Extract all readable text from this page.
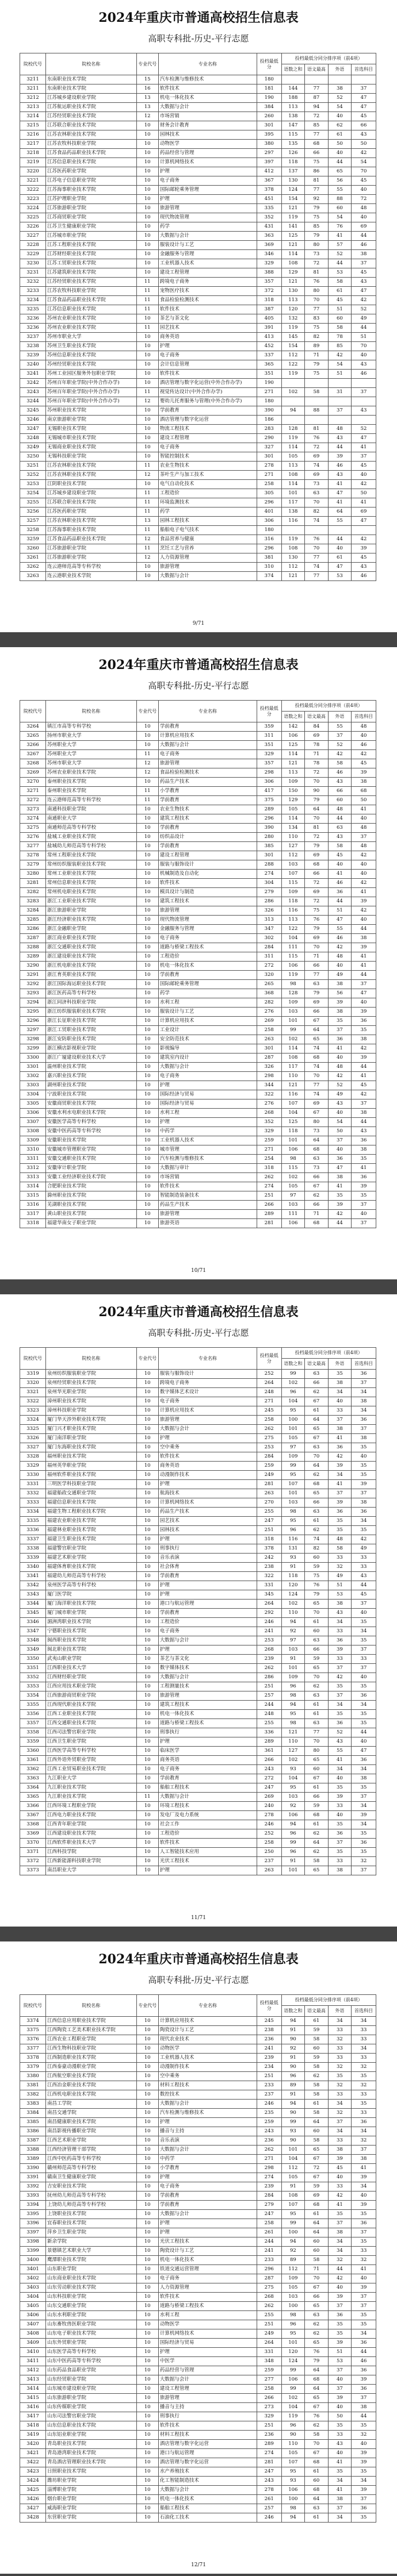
2024年重庆市普通高校招生信息表
高职专科批-历史-平行志愿
院校代号	院校名称	专业代号	专业名称	投档最低分	投档最低分同分排序项（前4项）			
					语数之和	语文最高	外语	首选科目
3211	东南职业技术学院	15	汽车检测与维修技术	180				
3211	东南职业技术学院	16	软件技术	181	144	77	38	37
3212	江苏城乡建设职业学院	13	机电一体化技术	190	188	87	52	47
3213	江苏航运职业技术学院	13	大数据与会计	384	113	94	54	47
3214	江苏经贸职业技术学院	12	市场营销	260	138	72	40	45
3215	江苏联合职业技术学院	10	财务会计教育	301	147	85	62	66
3216	江苏农林职业技术学院	10	园林技术	395	115	77	61	43
3217	江苏农牧科技职业学院	10	动物医学	380	135	68	50	50
3218	江苏食品药品职业技术学院	10	药品经营与管理	297	126	66	40	42
3219	江苏信息职业技术学院	10	计算机网络技术	397	118	75	44	54
3220	江苏医药职业学院	10	护理	412	137	86	65	70
3221	江苏电子信息职业学院	10	电子商务	367	130	81	56	45
3222	江苏海事职业技术学院	10	国际邮轮乘务管理	378	124	77	55	40
3223	江苏护理职业学院	10	护理	451	154	92	88	72
3224	江苏旅游职业学院	10	旅游管理	335	121	79	60	48
3225	江苏商贸职业学院	10	现代物流管理	352	119	75	54	40
3226	江苏卫生健康职业学院	10	药学	431	141	85	76	69
3227	江苏城市职业学院	10	大数据与会计	363	125	79	41	44
3228	江苏工程职业技术学院	10	服装设计与工艺	369	121	80	57	46
3229	江苏财经职业技术学院	10	金融服务与管理	346	114	73	52	38
3230	江苏工贸职业技术学院	10	工业机器人技术	329	108	72	44	37
3231	江苏建筑职业技术学院	10	建设工程管理	388	129	81	53	45
3232	江苏经贸职业技术学院	11	跨境电子商务	357	121	76	58	43
3233	江苏农牧科技职业学院	11	宠物医疗技术	372	130	80	61	47
3234	江苏食品药品职业技术学院	11	食品检验检测技术	318	113	70	45	42
3235	江苏信息职业技术学院	11	软件技术	387	120	77	51	52
3236	苏州农业职业技术学院	10	茶艺与茶文化	405	132	83	60	49
3236	苏州农业职业技术学院	11	园艺技术	391	119	75	58	44
3237	苏州市职业大学	10	商务英语	413	145	82	78	51
3238	苏州卫生职业技术学院	10	护理	452	154	89	85	70
3239	苏州信息职业技术学院	10	电子商务	337	112	71	42	40
3240	苏州经贸职业技术学院	10	会计信息管理	365	122	79	54	43
3241	苏州工业园区服务外包职业学院	10	软件技术	351	119	75	51	46
3242	苏州百年职业学院(中外合作办学)	10	酒店管理与数字化运营(中外合作办学)	190				
3243	苏州百年职业学院(中外合作办学)	11	视觉传达设计(中外合作办学)	271	102	58	31	37
3244	苏州百年职业学院(中外合作办学)	12	婴幼儿托育服务与管理(中外合作办学)	180				
3245	苏州职业技术学院	10	学前教育	390	94	88	37	43
3246	南京旅游职业学院	10	酒店管理与数字化运营	186				
3247	无锡职业技术学院	10	物流工程技术	283	128	81	48	52
3248	无锡城市职业技术学院	10	建设工程管理	290	119	76	43	47
3249	无锡商业职业技术学院	10	电子商务	327	114	72	44	41
3250	无锡科技职业学院	10	智能控制技术	301	105	69	39	37
3251	江苏农林职业技术学院	11	农业生物技术	278	113	74	46	45
3252	江苏农林职业技术学院	12	茶叶生产与加工技术	271	108	69	43	40
3253	江阴职业技术学院	10	电气自动化技术	258	114	73	41	42
3254	江苏城乡建设职业学院	11	工程造价	305	101	63	47	50
3255	江苏联合职业技术学院	11	环境监测技术	296	117	70	41	41
3256	江苏医药职业学院	11	药学	401	138	82	64	69
3257	江苏农林职业技术学院	13	园林工程技术	306	116	74	55	47
3258	江苏海事职业技术学院	11	船舶电子电气技术	180				
3259	江苏食品药品职业技术学院	12	食品营养与健康	316	119	76	44	42
3260	江苏旅游职业学院	11	烹饪工艺与营养	296	108	70	40	39
3261	江苏旅游职业学院	12	人力资源管理	381	130	77	61	45
3262	连云港师范高等专科学校	10	旅游管理	310	112	74	47	43
3263	连云港职业技术学院	10	大数据与会计	374	121	77	53	46
9/71
2024年重庆市普通高校招生信息表
高职专科批-历史-平行志愿
院校代号	院校名称	专业代号	专业名称	投档最低分	投档最低分同分排序项（前4项）			
					语数之和	语文最高	外语	首选科目
3264	镇江市高等专科学校	10	学前教育	359	142	84	55	48
3265	扬州市职业大学	10	计算机应用技术	311	106	69	37	40
3266	苏州职业大学	10	大数据与会计	351	125	78	52	46
3267	苏州职业大学	11	电子商务	329	114	71	42	42
3268	苏州市职业大学	12	旅游管理	357	121	78	58	45
3269	苏州农业职业技术学院	12	食品检验检测技术	298	113	72	46	39
3270	泰州职业技术学院	10	药品生产技术	306	109	70	43	38
3271	泰州职业技术学院	11	小学教育	417	150	90	66	68
3272	连云港师范高等专科学校	11	学前教育	375	129	79	60	50
3273	南通科技职业学院	10	农业生物技术	289	105	64	48	41
3274	南通职业大学	10	建筑工程技术	296	114	70	44	40
3275	南通师范高等专科学校	10	学前教育	390	134	81	63	48
3276	盐城工业职业技术学院	10	纺织品设计	280	110	72	43	37
3277	盐城幼儿师范高等专科学校	10	学前教育	385	127	79	58	48
3278	常州工程职业技术学院	10	建设工程管理	301	112	69	45	42
3279	常州纺织服装职业技术学院	10	服装与服饰设计	288	103	68	40	40
3280	常州工业职业技术学院	10	机械制造及自动化	274	107	66	41	40
3281	常州信息职业技术学院	10	软件技术	304	115	72	46	42
3282	常州机电职业技术学院	10	模具设计与制造	279	109	69	36	41
3283	浙江工业职业技术学院	10	建筑工程技术	286	118	72	44	39
3284	浙江旅游职业学院	10	旅游管理	326	116	75	51	42
3285	浙江经济职业技术学院	10	现代物流管理	313	113	76	47	40
3286	浙江金融职业学院	10	金融服务与管理	347	122	79	55	44
3287	浙江商业职业技术学院	10	电子商务	302	104	69	46	38
3288	浙江交通职业技术学院	10	道路与桥梁工程技术	284	111	70	42	39
3289	浙江建设职业技术学院	10	工程造价	311	115	71	48	41
3290	浙江机电职业技术学院	10	机电一体化技术	272	106	66	40	41
3291	浙江育英职业技术学院	10	学前教育	320	119	77	49	44
3292	浙江国际海运职业技术学院	10	国际邮轮乘务管理	265	98	63	38	37
3293	浙江医药高等专科学校	10	药学	368	128	79	56	47
3294	浙江同济科技职业学院	10	水利工程	282	109	69	39	40
3295	浙江纺织服装职业技术学院	10	服装设计与工艺	276	103	66	38	39
3296	浙江长征职业技术学院	10	计算机应用技术	269	101	67	35	36
3297	浙江工贸职业技术学院	10	工业设计	258	99	64	37	35
3298	浙江安防职业技术学院	10	安全防范技术	263	102	65	36	38
3299	浙江横店影视职业学院	10	影视编导	301	114	74	41	42
3300	浙江广厦建设职业技术大学	10	建筑室内设计	287	108	68	40	39
3301	温州职业技术学院	10	大数据与会计	326	117	74	48	44
3302	嘉兴职业技术学院	10	电子商务	298	110	70	42	41
3303	湖州职业技术学院	10	护理	344	121	77	52	45
3304	宁波职业技术学院	10	国际经济与贸易	322	116	74	49	42
3305	安徽商贸职业技术学院	10	国际经济与贸易	276	107	69	43	37
3306	安徽水利水电职业技术学院	10	水利工程	268	104	67	40	38
3307	安徽医学高等专科学校	10	护理	352	125	80	54	44
3308	安徽中医药高等专科学校	10	中药学	329	118	73	50	43
3309	安徽职业技术学院	10	工业机器人技术	259	101	64	37	36
3310	安徽城市管理职业学院	10	城市管理	271	106	68	40	38
3311	安徽交通职业技术学院	10	汽车检测与维修技术	254	98	63	36	35
3312	安徽审计职业学院	10	大数据与审计	318	115	73	47	41
3313	安徽工业经济职业技术学院	10	市场营销	262	102	66	38	36
3314	合肥职业技术学院	10	软件技术	274	105	67	41	39
3315	滁州职业技术学院	10	智能制造装备技术	251	97	62	35	35
3316	芜湖职业技术学院	10	药品生产技术	266	103	66	39	37
3317	黄山职业技术学院	10	旅游管理	289	111	71	42	40
3318	福建华南女子职业学院	10	旅游英语	281	106	68	44	37
10/71
2024年重庆市普通高校招生信息表
高职专科批-历史-平行志愿
院校代号	院校名称	专业代号	专业名称	投档最低分	投档最低分同分排序项（前4项）			
					语数之和	语文最高	外语	首选科目
3319	泉州纺织服装职业学院	10	服装与服饰设计	252	99	63	35	36
3320	泉州经贸职业技术学院	10	跨境电子商务	264	102	66	38	37
3321	泉州华光职业学院	10	数字媒体艺术设计	248	96	62	34	34
3322	漳州职业技术学院	10	电子商务	271	104	67	40	38
3323	漳州科技职业学院	10	计算机应用技术	245	95	61	33	34
3324	厦门华天涉外职业技术学院	10	旅游管理	258	100	64	37	36
3325	厦门兴才职业技术学院	10	大数据与会计	262	101	65	38	37
3326	厦门南洋职业学院	10	护理	275	105	67	41	38
3327	厦门东海职业技术学院	10	空中乘务	253	97	63	36	35
3328	福州职业技术学院	10	软件技术	284	109	70	42	40
3329	福州英华职业学院	10	商务英语	259	99	64	39	35
3330	福州软件职业技术学院	10	动漫制作技术	249	95	62	34	35
3331	三明医学科技职业学院	10	护理	281	107	68	41	39
3332	福建船政交通职业学院	10	航海技术	263	101	65	37	37
3333	福建信息职业技术学院	10	计算机网络技术	270	103	66	39	38
3334	福建生物工程职业技术学院	10	药品生产技术	255	98	63	36	36
3335	福建农业职业技术学院	10	园艺技术	247	95	61	35	34
3336	福建林业职业技术学院	10	园林技术	251	96	62	35	35
3337	福建卫生职业技术学院	10	护理	318	116	74	48	42
3338	福建警官职业学院	10	刑事执行	378	131	82	58	49
3339	福建艺术职业学院	10	音乐表演	242	93	60	33	33
3340	福建体育职业技术学院	10	社会体育	238	91	59	32	33
3341	福建幼儿师范高等专科学校	10	学前教育	322	118	75	49	43
3342	泉州医学高等专科学校	10	护理	331	120	76	51	44
3343	厦门医学院	10	护理	345	124	79	53	45
3344	厦门海洋职业技术学院	10	港口与航运管理	264	102	65	38	37
3345	厦门城市职业学院	10	学前教育	292	110	70	43	40
3346	湄洲湾职业技术学院	10	工程造价	246	94	61	34	35
3347	宁德职业技术学院	10	电子商务	241	92	60	33	34
3348	闽西职业技术学院	10	大数据与会计	253	97	63	36	35
3349	闽北职业技术学院	10	护理	268	103	66	39	37
3350	武夷山职业学院	10	茶艺与茶文化	239	91	59	33	33
3351	江西职业技术大学	10	数字媒体技术	262	101	65	37	37
3352	江西财经职业学院	10	大数据与会计	286	109	70	42	40
3353	江西应用技术职业学院	10	工程测量技术	251	96	62	35	35
3354	江西旅游商贸职业学院	10	旅游管理	257	98	63	37	36
3355	江西现代职业技术学院	10	建筑工程技术	244	94	61	34	34
3356	江西工业职业技术学院	10	机电一体化技术	248	95	61	35	35
3357	江西交通职业技术学院	10	道路与桥梁工程技术	255	98	63	36	35
3358	江西司法警官职业学院	10	刑事执行	336	121	77	52	44
3359	江西卫生职业学院	10	护理	289	110	70	43	40
3360	江西医学高等专科学校	10	临床医学	361	127	80	55	47
3361	江西外语外贸职业学院	10	商务英语	266	102	65	41	36
3362	江西工业贸易职业技术学院	10	电子商务	243	93	60	34	34
3363	九江职业大学	10	学前教育	272	104	67	40	38
3364	九江职业技术学院	10	船舶工程技术	247	95	61	35	35
3365	九江职业技术学院	11	大数据与会计	269	103	66	39	37
3366	江西环境工程职业学院	10	环境工程技术	240	92	59	33	34
3367	江西电力职业技术学院	10	发电厂及电力系统	278	106	68	40	39
3368	江西青年职业学院	10	社会工作	246	94	61	35	34
3369	江西建设职业技术学院	10	工程造价	252	96	62	36	35
3370	江西软件职业技术大学	10	软件技术	258	99	64	37	36
3371	江西科技学院	10	人工智能技术应用	250	96	62	35	35
3372	江西新能源科技职业学院	10	光伏工程技术	237	91	58	33	32
3373	南昌职业大学	10	护理	263	101	65	38	37
11/71
2024年重庆市普通高校招生信息表
高职专科批-历史-平行志愿
院校代号	院校名称	专业代号	专业名称	投档最低分	投档最低分同分排序项（前4项）			
					语数之和	语文最高	外语	首选科目
3374	江西信息应用职业技术学院	10	计算机应用技术	245	94	61	34	34
3375	江西陶瓷工艺美术职业技术学院	10	陶瓷设计与工艺	238	91	59	33	33
3376	江西农业工程职业学院	10	现代农业技术	236	90	58	32	33
3377	江西生物科技职业学院	10	动物医学	241	92	60	33	34
3378	江西制造职业技术学院	10	工业机器人技术	239	91	59	33	33
3379	江西泰豪动漫职业学院	10	动漫制作技术	234	90	58	32	32
3380	江西航空职业技术学院	10	空中乘务	251	96	62	35	35
3381	江西冶金职业技术学院	10	材料工程技术	233	89	58	32	32
3382	江西机电职业技术学院	10	数控技术	237	91	58	33	33
3383	南昌工学院	10	大数据与会计	246	94	61	34	35
3384	南昌交通学院	10	汽车检测与维修技术	235	90	58	32	33
3385	南昌健康职业技术学院	10	护理	259	99	64	37	36
3386	南昌影视传播职业学院	10	播音与主持	243	93	60	34	34
3387	江西艺术职业学院	10	音乐表演	236	90	58	33	32
3388	江西经济管理干部学院	10	大数据与会计	262	101	65	38	37
3389	江西中医药高等专科学校	10	中药学	271	104	67	39	38
3390	赣州师范高等专科学校	10	小学教育	298	112	72	45	41
3391	赣南卫生健康职业学院	10	护理	274	105	67	40	39
3392	吉安职业技术学院	10	电子商务	239	91	59	33	34
3393	抚州幼儿师范高等专科学校	10	学前教育	284	108	69	42	40
3394	上饶幼儿师范高等专科学校	10	学前教育	279	107	68	41	39
3395	上饶职业技术学院	10	大数据与会计	247	95	61	35	35
3396	宜春职业技术学院	10	护理	258	99	64	37	36
3397	萍乡卫生职业学院	10	护理	261	100	64	38	37
3398	新余学院	10	光伏工程技术	244	94	60	34	35
3399	景德镇艺术职业大学	10	陶瓷设计与工艺	241	92	60	34	33
3400	鹰潭职业技术学院	10	机电一体化技术	233	89	58	32	32
3401	山东职业学院	10	铁道交通运营管理	296	112	71	44	41
3402	山东商业职业技术学院	10	电子商务	287	109	70	42	40
3403	山东劳动职业技术学院	10	人力资源管理	275	105	67	40	39
3404	山东科技职业学院	10	软件技术	268	103	66	39	37
3405	山东交通职业学院	10	道路与桥梁工程技术	262	100	65	37	37
3406	山东水利职业学院	10	水利工程	255	98	63	36	35
3407	山东畜牧兽医职业学院	10	动物医学	251	96	62	35	35
3408	山东电子职业技术学院	10	计算机网络技术	249	95	62	35	34
3409	山东外贸职业学院	10	国际经济与贸易	264	101	65	39	36
3410	山东医学高等专科学校	10	护理	331	120	76	51	44
3411	山东中医药高等专科学校	10	中医学	348	124	79	53	46
3412	山东药品食品职业学院	10	药品经营与管理	259	99	64	37	36
3413	山东经贸职业学院	10	大数据与会计	277	106	68	40	39
3414	山东城市建设职业学院	10	建设工程管理	258	99	64	37	36
3415	山东旅游职业学院	10	旅游管理	266	102	65	39	37
3416	山东传媒职业学院	10	播音与主持	273	104	67	40	38
3417	山东司法警官职业学院	10	刑事执行	329	119	76	50	44
3418	山东信息职业技术学院	10	软件技术	251	96	62	35	35
3419	山东铝业职业学院	10	材料工程技术	236	90	58	33	32
3420	青岛职业技术学院	10	酒店管理与数字化运营	289	110	70	43	40
3421	青岛港湾职业技术学院	10	港口与航运管理	274	105	67	40	39
3422	青岛酒店管理职业技术学院	10	酒店管理与数字化运营	281	107	68	41	39
3423	日照职业技术学院	10	水产养殖技术	247	95	61	35	35
3424	潍坊职业学院	10	化工智能制造技术	243	93	60	34	34
3425	淄博职业学院	10	大数据与会计	278	106	68	41	39
3426	烟台职业学院	10	机电一体化技术	261	100	64	38	37
3427	威海职业学院	10	船舶工程技术	257	98	63	37	36
3428	东营职业学院	10	石油化工技术	246	94	61	34	35
12/71
